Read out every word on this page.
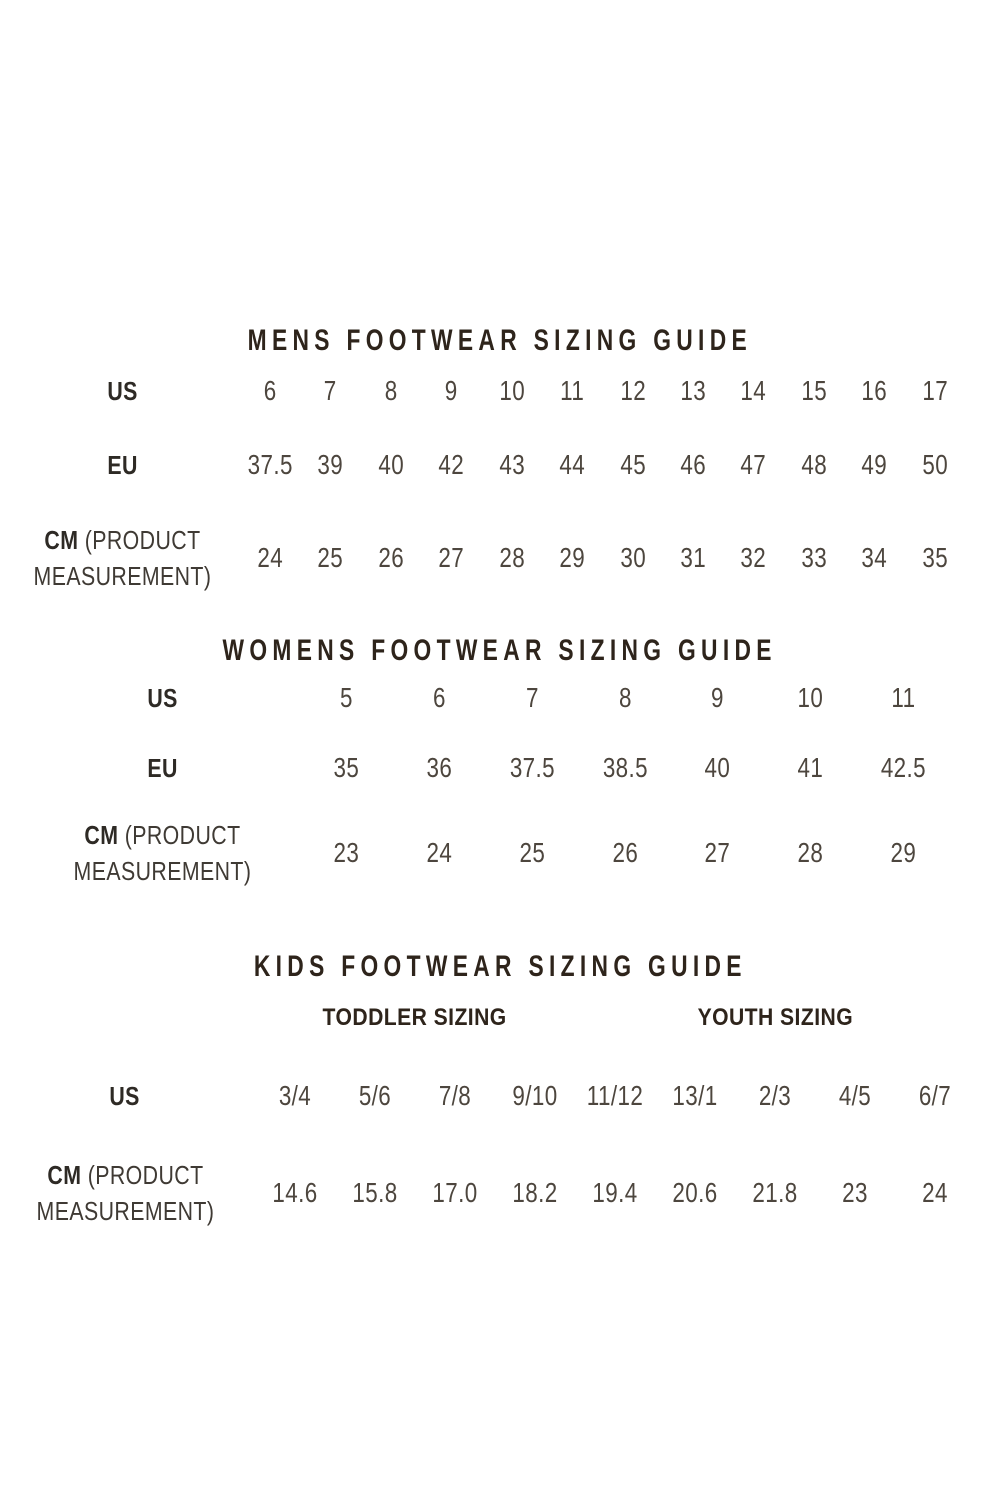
MENS FOOTWEAR SIZING GUIDE
US	6	7	8	9	10	11	12	13	14	15	16	17
EU	37.5 39	40	42	43	44	45	46	47	48	49	50
CM (PRODUCT
MEASUREMENT)
24	25	26	27	28	29	30	31	32	33	34	35
WOMENS FOOTWEAR SIZING GUIDE
US	5	6	7	8	9	10	11
EU	35	36	37.5	38.5	40	41	42.5
CM (PRODUCT
MEASUREMENT)
23	24	25	26	27	28	29
KIDS FOOTWEAR SIZING GUIDE
TODDLER SIZING	YOUTH SIZING
US	3/4	5/6	7/8	9/10	11/12	13/1	2/3	4/5	6/7
CM (PRODUCT
MEASUREMENT)
14.6	15.8	17.0	18.2	19.4	20.6	21.8	23	24
